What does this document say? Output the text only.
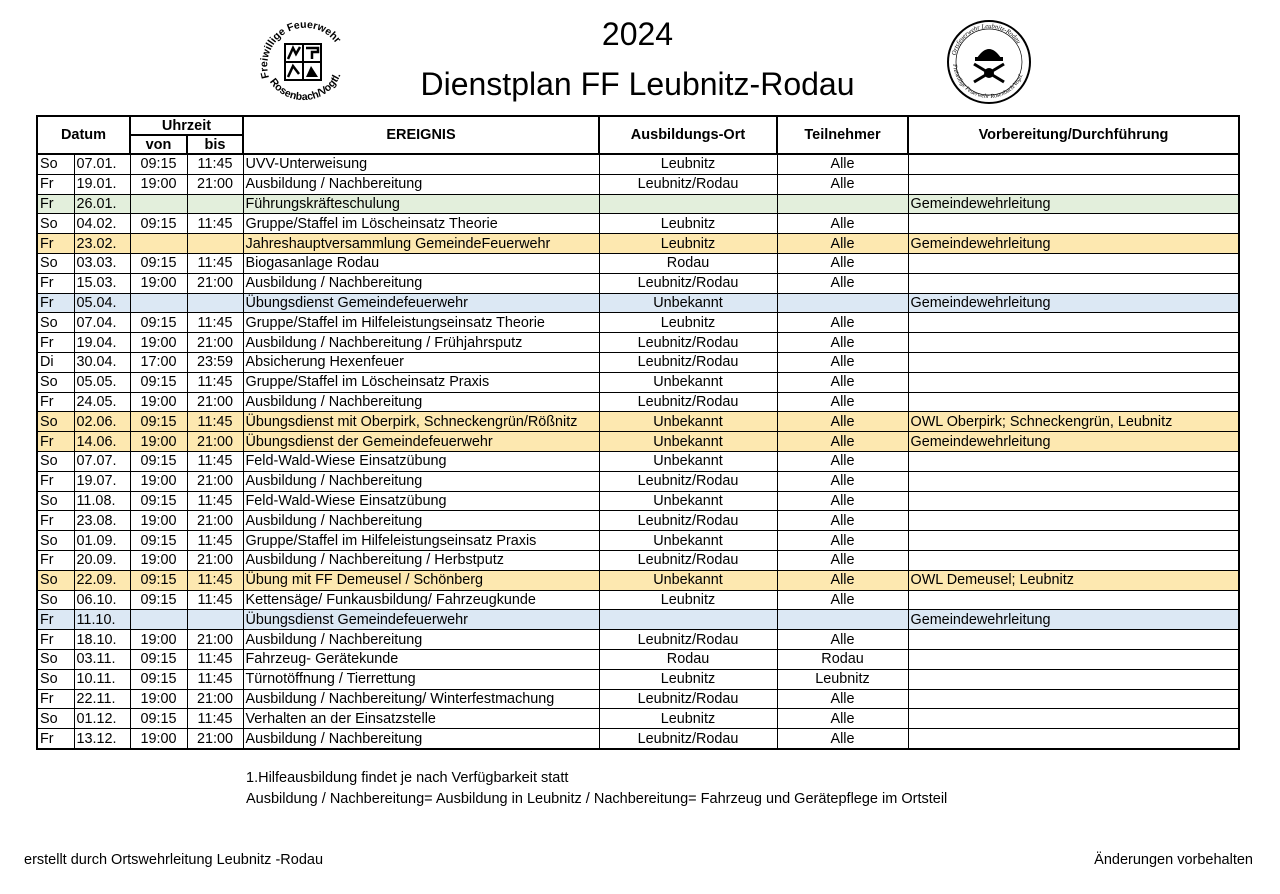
2024
Dienstplan FF Leubnitz-Rodau
Freiwillige Feuerwehr
Rosenbach/Vogtl.
Ortsfeuerwehr Leubnitz-Rodau
Freiwillige Feuerwehr Rosenbach/Vogtl.
Datum		Uhrzeit		EREIGNIS	Ausbildungs-Ort	Teilnehmer	Vorbereitung/Durchführung
		von	bis				
So	07.01.	09:15	11:45	UVV-Unterweisung	Leubnitz	Alle	
Fr	19.01.	19:00	21:00	Ausbildung / Nachbereitung	Leubnitz/Rodau	Alle	
Fr	26.01.			Führungskräfteschulung			Gemeindewehrleitung
So	04.02.	09:15	11:45	Gruppe/Staffel im Löscheinsatz Theorie	Leubnitz	Alle	
Fr	23.02.			Jahreshauptversammlung GemeindeFeuerwehr	Leubnitz	Alle	Gemeindewehrleitung
So	03.03.	09:15	11:45	Biogasanlage Rodau	Rodau	Alle	
Fr	15.03.	19:00	21:00	Ausbildung / Nachbereitung	Leubnitz/Rodau	Alle	
Fr	05.04.			Übungsdienst Gemeindefeuerwehr	Unbekannt		Gemeindewehrleitung
So	07.04.	09:15	11:45	Gruppe/Staffel im Hilfeleistungseinsatz Theorie	Leubnitz	Alle	
Fr	19.04.	19:00	21:00	Ausbildung / Nachbereitung / Frühjahrsputz	Leubnitz/Rodau	Alle	
Di	30.04.	17:00	23:59	Absicherung Hexenfeuer	Leubnitz/Rodau	Alle	
So	05.05.	09:15	11:45	Gruppe/Staffel im Löscheinsatz Praxis	Unbekannt	Alle	
Fr	24.05.	19:00	21:00	Ausbildung / Nachbereitung	Leubnitz/Rodau	Alle	
So	02.06.	09:15	11:45	Übungsdienst mit Oberpirk, Schneckengrün/Rößnitz	Unbekannt	Alle	OWL Oberpirk; Schneckengrün, Leubnitz
Fr	14.06.	19:00	21:00	Übungsdienst der Gemeindefeuerwehr	Unbekannt	Alle	Gemeindewehrleitung
So	07.07.	09:15	11:45	Feld-Wald-Wiese Einsatzübung	Unbekannt	Alle	
Fr	19.07.	19:00	21:00	Ausbildung / Nachbereitung	Leubnitz/Rodau	Alle	
So	11.08.	09:15	11:45	Feld-Wald-Wiese Einsatzübung	Unbekannt	Alle	
Fr	23.08.	19:00	21:00	Ausbildung / Nachbereitung	Leubnitz/Rodau	Alle	
So	01.09.	09:15	11:45	Gruppe/Staffel im Hilfeleistungseinsatz Praxis	Unbekannt	Alle	
Fr	20.09.	19:00	21:00	Ausbildung / Nachbereitung / Herbstputz	Leubnitz/Rodau	Alle	
So	22.09.	09:15	11:45	Übung mit FF Demeusel / Schönberg	Unbekannt	Alle	OWL Demeusel; Leubnitz
So	06.10.	09:15	11:45	Kettensäge/ Funkausbildung/ Fahrzeugkunde	Leubnitz	Alle	
Fr	11.10.			Übungsdienst Gemeindefeuerwehr			Gemeindewehrleitung
Fr	18.10.	19:00	21:00	Ausbildung / Nachbereitung	Leubnitz/Rodau	Alle	
So	03.11.	09:15	11:45	Fahrzeug- Gerätekunde	Rodau	Rodau	
So	10.11.	09:15	11:45	Türnotöffnung / Tierrettung	Leubnitz	Leubnitz	
Fr	22.11.	19:00	21:00	Ausbildung / Nachbereitung/ Winterfestmachung	Leubnitz/Rodau	Alle	
So	01.12.	09:15	11:45	Verhalten an der Einsatzstelle	Leubnitz	Alle	
Fr	13.12.	19:00	21:00	Ausbildung / Nachbereitung	Leubnitz/Rodau	Alle	
1.Hilfeausbildung findet je nach Verfügbarkeit statt
Ausbildung / Nachbereitung= Ausbildung in Leubnitz / Nachbereitung= Fahrzeug und Gerätepflege im Ortsteil
erstellt durch Ortswehrleitung Leubnitz -Rodau	Änderungen vorbehalten
